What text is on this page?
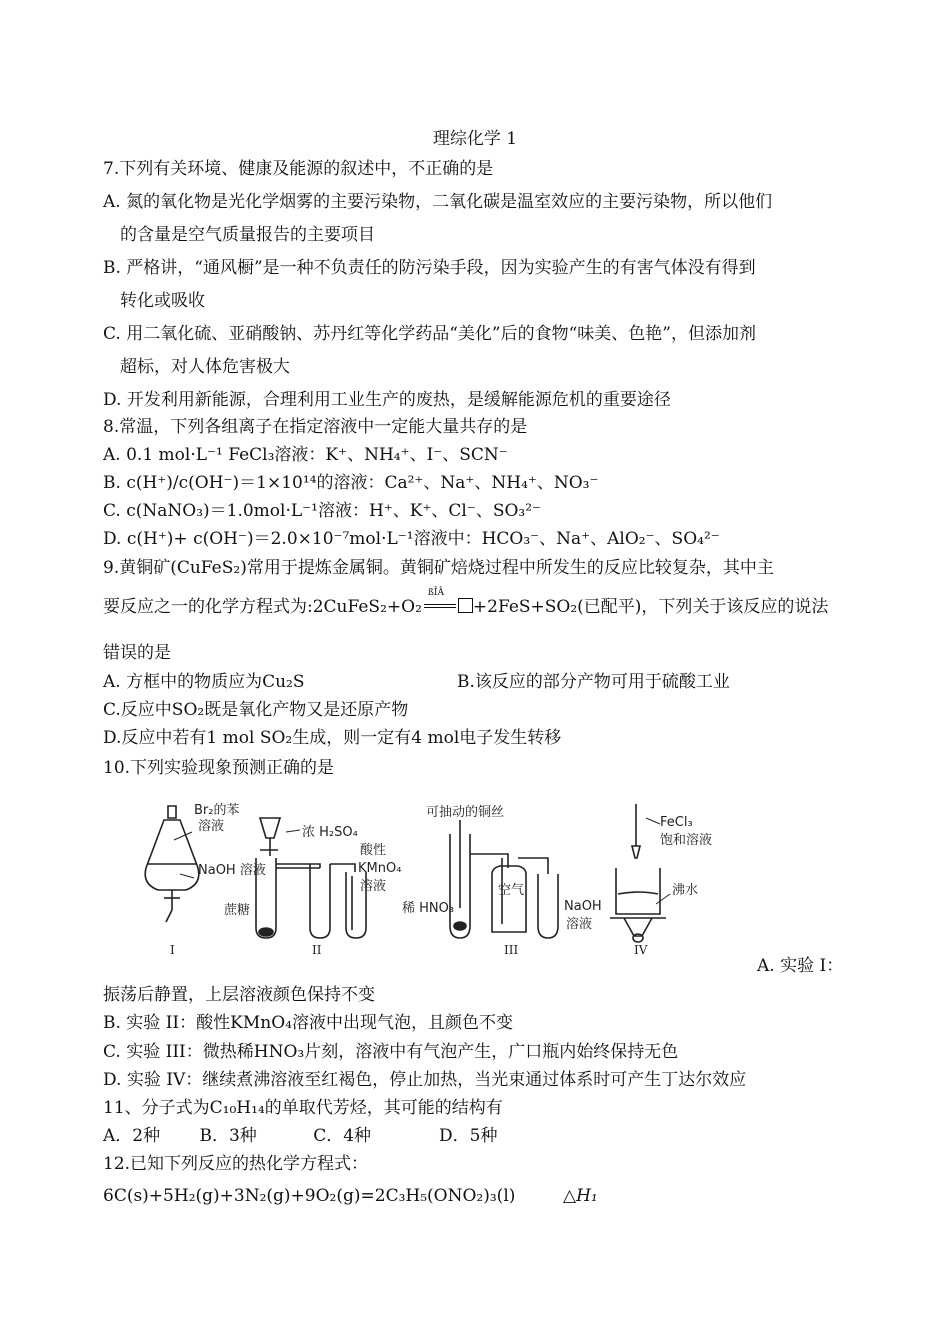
理综化学 1
7.下列有关环境、健康及能源的叙述中，不正确的是
A. 氮的氧化物是光化学烟雾的主要污染物，二氧化碳是温室效应的主要污染物，所以他们
的含量是空气质量报告的主要项目
B. 严格讲，“通风橱”是一种不负责任的防污染手段，因为实验产生的有害气体没有得到
转化或吸收
C. 用二氧化硫、亚硝酸钠、苏丹红等化学药品“美化”后的食物“味美、色艳”，但添加剂
超标，对人体危害极大
D. 开发利用新能源，合理利用工业生产的废热，是缓解能源危机的重要途径
8.常温，下列各组离子在指定溶液中一定能大量共存的是
A. 0.1 mol·L⁻¹ FeCl₃溶液：K⁺、NH₄⁺、I⁻、SCN⁻
B. c(H⁺)/c(OH⁻)＝1×10¹⁴的溶液：Ca²⁺、Na⁺、NH₄⁺、NO₃⁻
C. c(NaNO₃)＝1.0mol·L⁻¹溶液：H⁺、K⁺、Cl⁻、SO₃²⁻
D. c(H⁺)+ c(OH⁻)＝2.0×10⁻⁷mol·L⁻¹溶液中：HCO₃⁻、Na⁺、AlO₂⁻、SO₄²⁻
9.黄铜矿(CuFeS₂)常用于提炼金属铜。黄铜矿焙烧过程中所发生的反应比较复杂，其中主
要反应之一的化学方程式为:2CuFeS₂+O₂
ßÎÂ
+2FeS+SO₂(已配平)，下列关于该反应的说法
错误的是
A. 方框中的物质应为Cu₂S	B.该反应的部分产物可用于硫酸工业
C.反应中SO₂既是氧化产物又是还原产物
D.反应中若有1 mol SO₂生成，则一定有4 mol电子发生转移
10.下列实验现象预测正确的是
Br₂的苯
溶液
NaOH 溶液
浓 H₂SO₄
酸性
KMnO₄
溶液
蔗糖
可抽动的铜丝
稀 HNO₃
空气
NaOH
溶液
FeCl₃
饱和溶液
沸水
I	II	III	IV
A. 实验 I：
振荡后静置，上层溶液颜色保持不变
B. 实验 II：酸性KMnO₄溶液中出现气泡，且颜色不变
C. 实验 III：微热稀HNO₃片刻，溶液中有气泡产生，广口瓶内始终保持无色
D. 实验 IV：继续煮沸溶液至红褐色，停止加热，当光束通过体系时可产生丁达尔效应
11、分子式为C₁₀H₁₄的单取代芳烃，其可能的结构有
A．2种　　 B．3种　　　 C．4种　　　　D．5种
12.已知下列反应的热化学方程式：
6C(s)+5H₂(g)+3N₂(g)+9O₂(g)=2C₃H₅(ONO₂)₃(l)	△H₁
